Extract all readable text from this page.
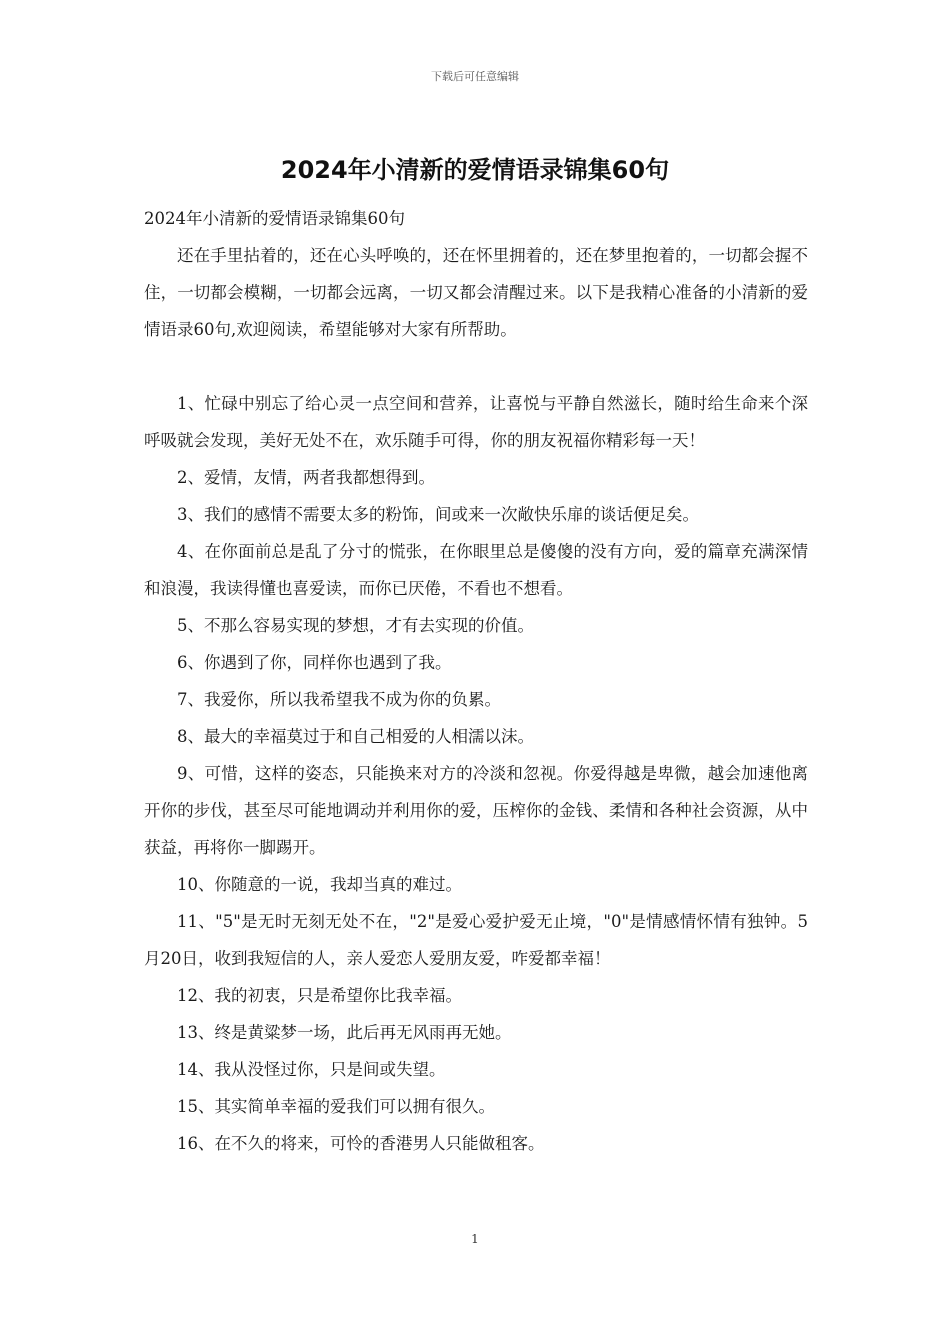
下载后可任意编辑
2024年小清新的爱情语录锦集60句

2024年小清新的爱情语录锦集60句

还在手里拈着的，还在心头呼唤的，还在怀里拥着的，还在梦里抱着的，一切都会握不住，一切都会模糊，一切都会远离，一切又都会清醒过来。以下是我精心准备的小清新的爱情语录60句,欢迎阅读，希望能够对大家有所帮助。

1、忙碌中别忘了给心灵一点空间和营养，让喜悦与平静自然滋长，随时给生命来个深呼吸就会发现，美好无处不在，欢乐随手可得，你的朋友祝福你精彩每一天！

2、爱情，友情，两者我都想得到。

3、我们的感情不需要太多的粉饰，间或来一次敞快乐扉的谈话便足矣。

4、在你面前总是乱了分寸的慌张，在你眼里总是傻傻的没有方向，爱的篇章充满深情和浪漫，我读得懂也喜爱读，而你已厌倦，不看也不想看。

5、不那么容易实现的梦想，才有去实现的价值。

6、你遇到了你，同样你也遇到了我。

7、我爱你，所以我希望我不成为你的负累。

8、最大的幸福莫过于和自己相爱的人相濡以沫。

9、可惜，这样的姿态，只能换来对方的冷淡和忽视。你爱得越是卑微，越会加速他离开你的步伐，甚至尽可能地调动并利用你的爱，压榨你的金钱、柔情和各种社会资源，从中获益，再将你一脚踢开。

10、你随意的一说，我却当真的难过。

11、"5"是无时无刻无处不在，"2"是爱心爱护爱无止境，"0"是情感情怀情有独钟。5月20日，收到我短信的人，亲人爱恋人爱朋友爱，咋爱都幸福！

12、我的初衷，只是希望你比我幸福。

13、终是黄粱梦一场，此后再无风雨再无她。

14、我从没怪过你，只是间或失望。

15、其实简单幸福的爱我们可以拥有很久。

16、在不久的将来，可怜的香港男人只能做租客。

1
